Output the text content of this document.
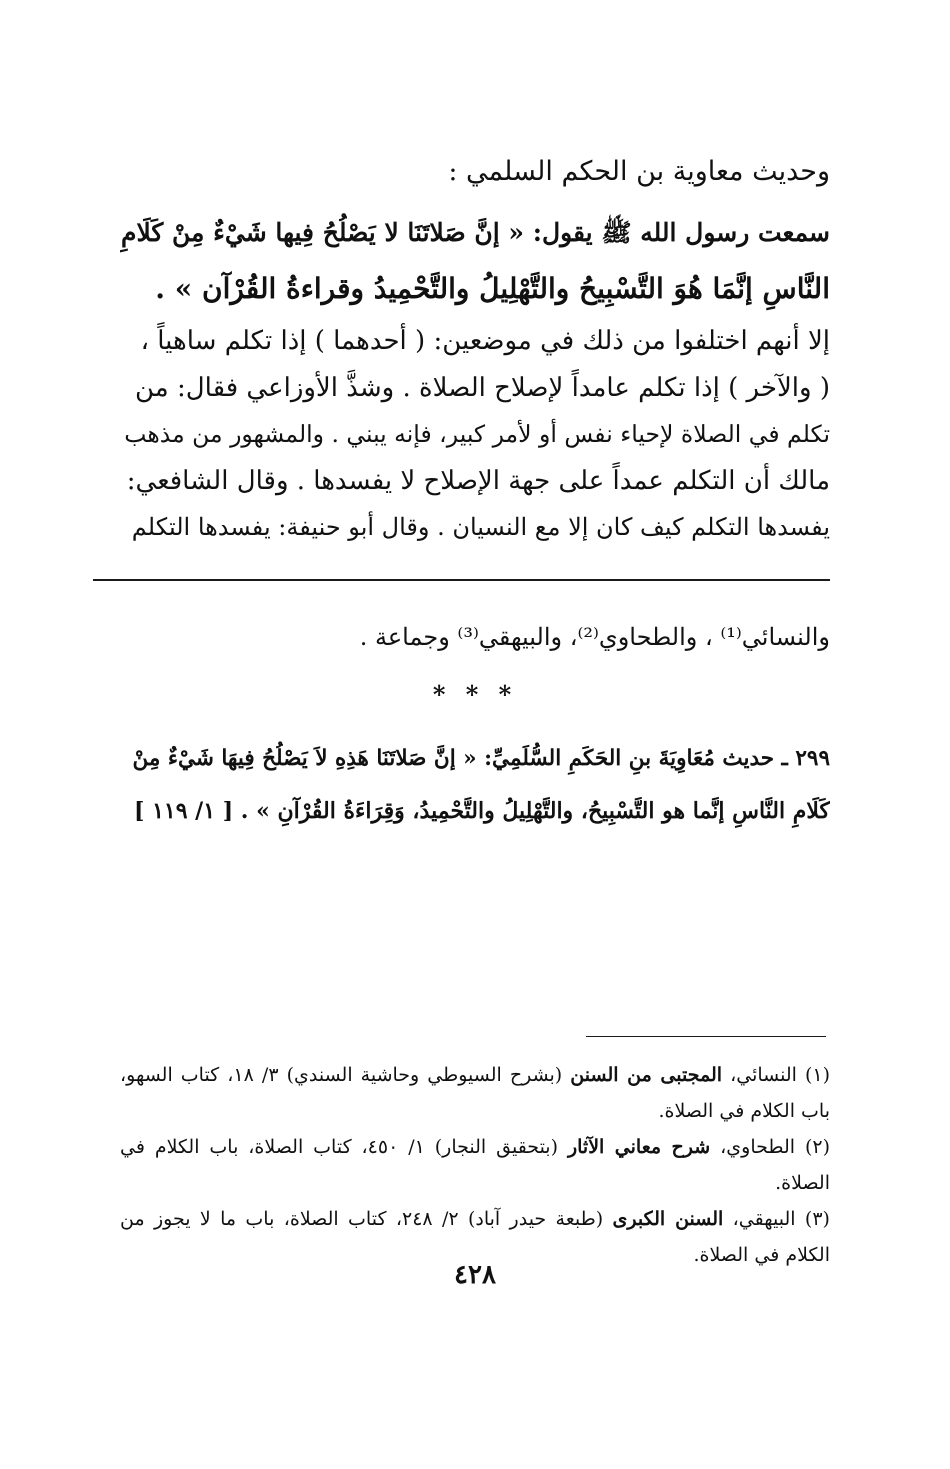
وحديث معاوية بن الحكم السلمي :
سمعت رسول الله ﷺ يقول: « إنَّ صَلاتَنَا لا يَصْلُحُ فِيها شَيْءٌ مِنْ كَلَامِ
النَّاسِ إنَّمَا هُوَ التَّسْبِيحُ والتَّهْلِيلُ والتَّحْمِيدُ وقراءةُ القُرْآن » .
إلا أنهم اختلفوا من ذلك في موضعين: ( أحدهما ) إذا تكلم ساهياً ،
( والآخر ) إذا تكلم عامداً لإصلاح الصلاة . وشذَّ الأوزاعي فقال: من
تكلم في الصلاة لإحياء نفس أو لأمر كبير، فإنه يبني . والمشهور من مذهب
مالك أن التكلم عمداً على جهة الإصلاح لا يفسدها . وقال الشافعي:
يفسدها التكلم كيف كان إلا مع النسيان . وقال أبو حنيفة: يفسدها التكلم
والنسائي⁽¹⁾ ، والطحاوي⁽²⁾، والبيهقي⁽³⁾ وجماعة .
* * *
٢٩٩ ـ حديث مُعَاوِيَةَ بنِ الحَكَمِ السُّلَمِيِّ: « إنَّ صَلاتَنَا هَذِهِ لاَ يَصْلُحُ فِيهَا شَيْءٌ مِنْ
كَلَامِ النَّاسِ إنَّما هو التَّسْبِيحُ، والتَّهْلِيلُ والتَّحْمِيدُ، وَقِرَاءَةُ القُرْآنِ » . [ ١/ ١١٩ ]
(١) النسائي، المجتبى من السنن (بشرح السيوطي وحاشية السندي) ٣/ ١٨، كتاب السهو، باب الكلام في الصلاة.
(٢) الطحاوي، شرح معاني الآثار (بتحقيق النجار) ١/ ٤٥٠، كتاب الصلاة، باب الكلام في الصلاة.
(٣) البيهقي، السنن الكبرى (طبعة حيدر آباد) ٢/ ٢٤٨، كتاب الصلاة، باب ما لا يجوز من الكلام في الصلاة.
٤٢٨
